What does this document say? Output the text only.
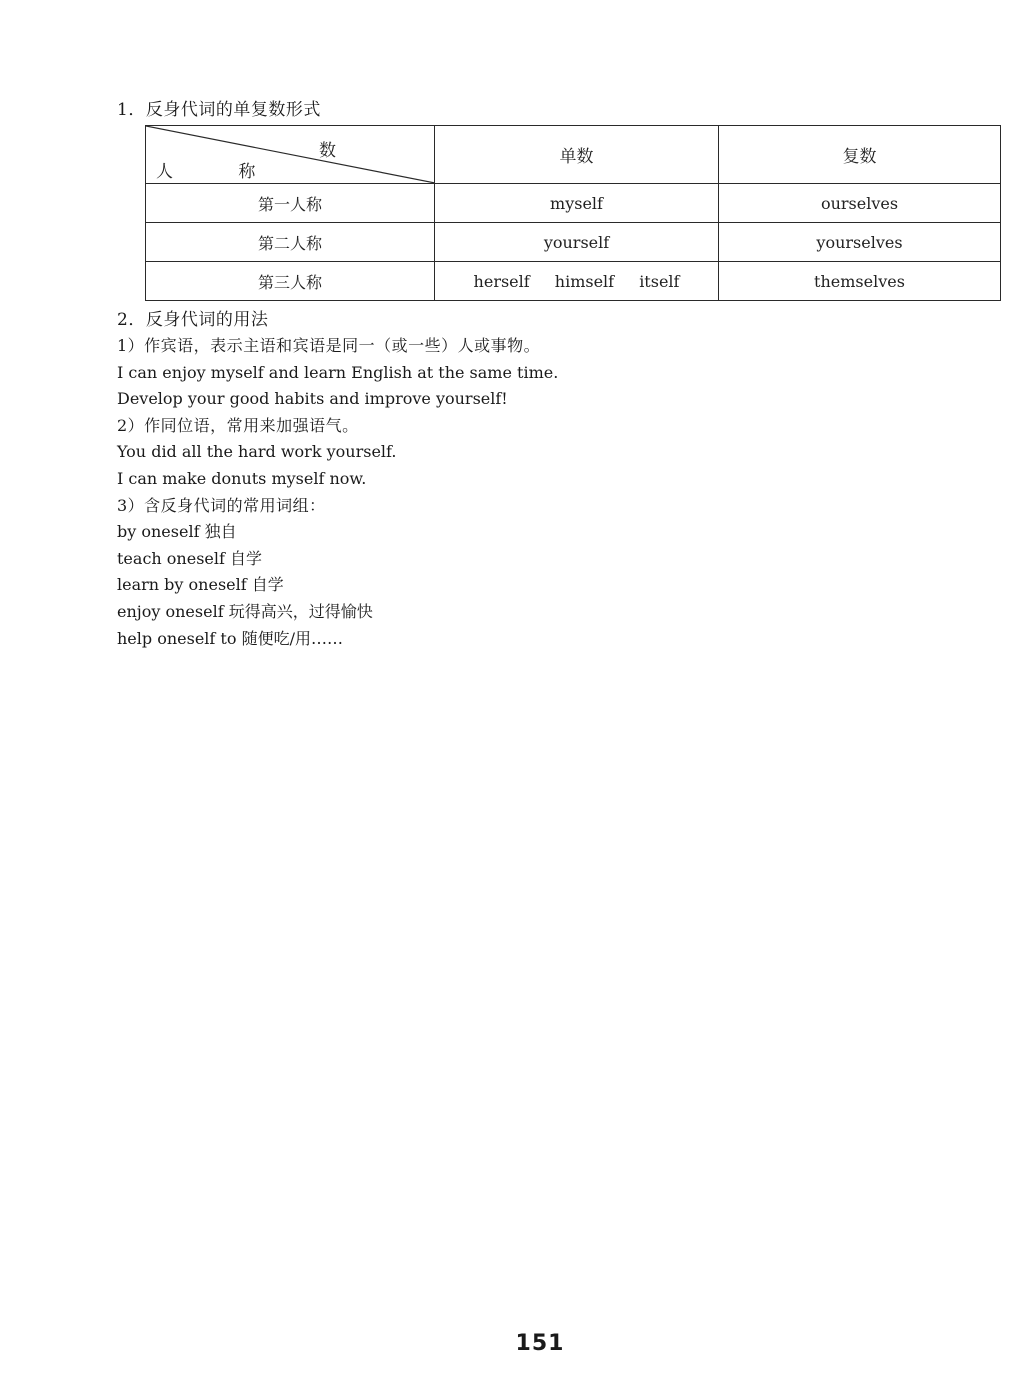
1．反身代词的单复数形式
数
人 称	单数	复数
第一人称	myself	ourselves
第二人称	yourself	yourselves
第三人称	herself himself itself	themselves
2．反身代词的用法
1）作宾语，表示主语和宾语是同一（或一些）人或事物。
I can enjoy myself and learn English at the same time.
Develop your good habits and improve yourself!
2）作同位语，常用来加强语气。
You did all the hard work yourself.
I can make donuts myself now.
3）含反身代词的常用词组：
by oneself 独自
teach oneself 自学
learn by oneself 自学
enjoy oneself 玩得高兴，过得愉快
help oneself to 随便吃/用……
151
